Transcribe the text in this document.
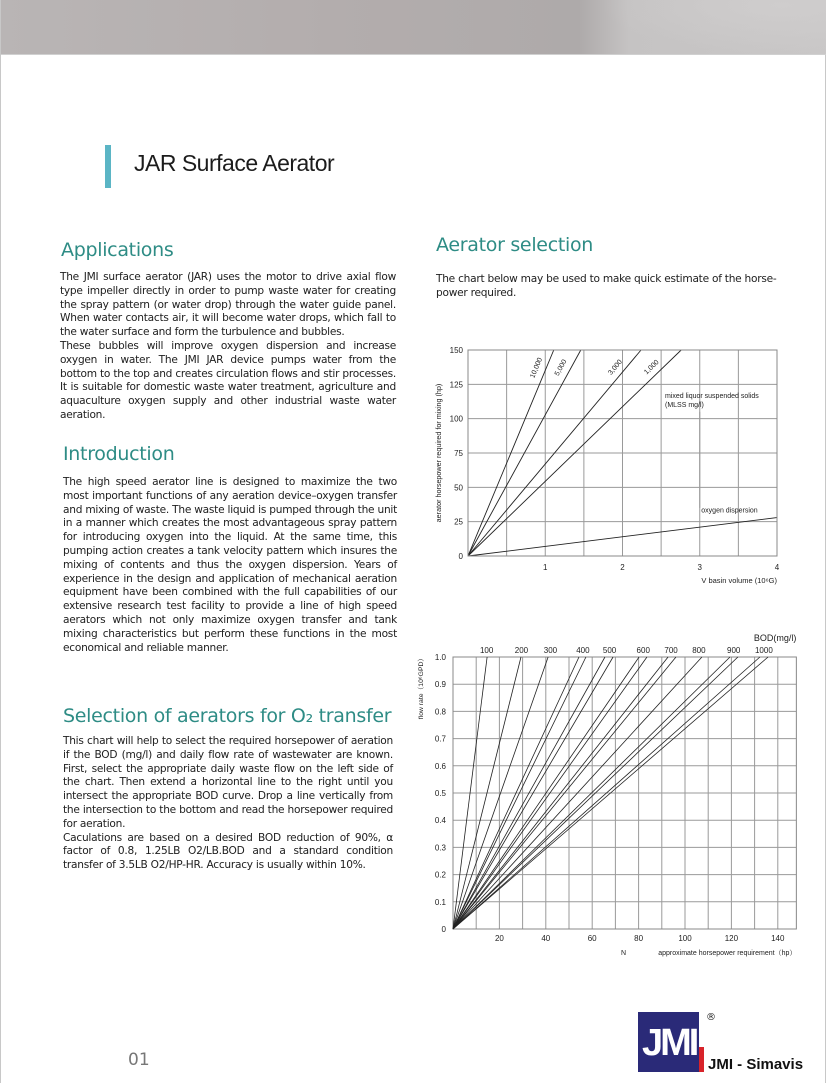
JAR Surface Aerator
Applications

The JMI surface aerator (JAR) uses the motor to drive axial flow type impeller directly in order to pump waste water for creating the spray pattern (or water drop) through the water guide panel. When water contacts air, it will become water drops, which fall to the water surface and form the turbulence and bubbles.

These bubbles will improve oxygen dispersion and increase oxygen in water. The JMI JAR device pumps water from the bottom to the top and creates circulation flows and stir processes. It is suitable for domestic waste water treatment, agriculture and aquaculture oxygen supply and other industrial waste water aeration.

Introduction

The high speed aerator line is designed to maximize the two most important functions of any aeration device–oxygen transfer and mixing of waste. The waste liquid is pumped through the unit in a manner which creates the most advantageous spray pattern for introducing oxygen into the liquid. At the same time, this pumping action creates a tank velocity pattern which insures the mixing of contents and thus the oxygen dispersion. Years of experience in the design and application of mechanical aeration equipment have been combined with the full capabilities of our extensive research test facility to provide a line of high speed aerators which not only maximize oxygen transfer and tank mixing characteristics but perform these functions in the most economical and reliable manner.

Selection of aerators for O₂ transfer

This chart will help to select the required horsepower of aeration if the BOD (mg/l) and daily flow rate of wastewater are known. First, select the appropriate daily waste flow on the left side of the chart. Then extend a horizontal line to the right until you intersect the appropriate BOD curve. Drop a line vertically from the intersection to the bottom and read the horsepower required for aeration.

Caculations are based on a desired BOD reduction of 90%, α factor of 0.8, 1.25LB O2/LB.BOD and a standard condition transfer of 3.5LB O2/HP-HR. Accuracy is usually within 10%.

Aerator selection
The chart below may be used to make quick estimate of the horse-power required.
0
25
50
75
100
125
150
1	2	3	4
V basin volume (10⁶G)
aerator horsepower required for mixing (hp)
10,000 5,000	3,000	1,000
oxygen dispersion
mixed liquor suspended solids
(MLSS mg/l)
0
0.1
0.2
0.3
0.4
0.5
0.6
0.7
0.8
0.9
1.0
20	40	60	80	100	120	140
N	approximate horsepower requirement（hp）
flow rate（10⁶GPD）
BOD(mg/l)
100	200 300 400 500	600 700 800	900 1000
01	JMI
®
JMI - Simavis
